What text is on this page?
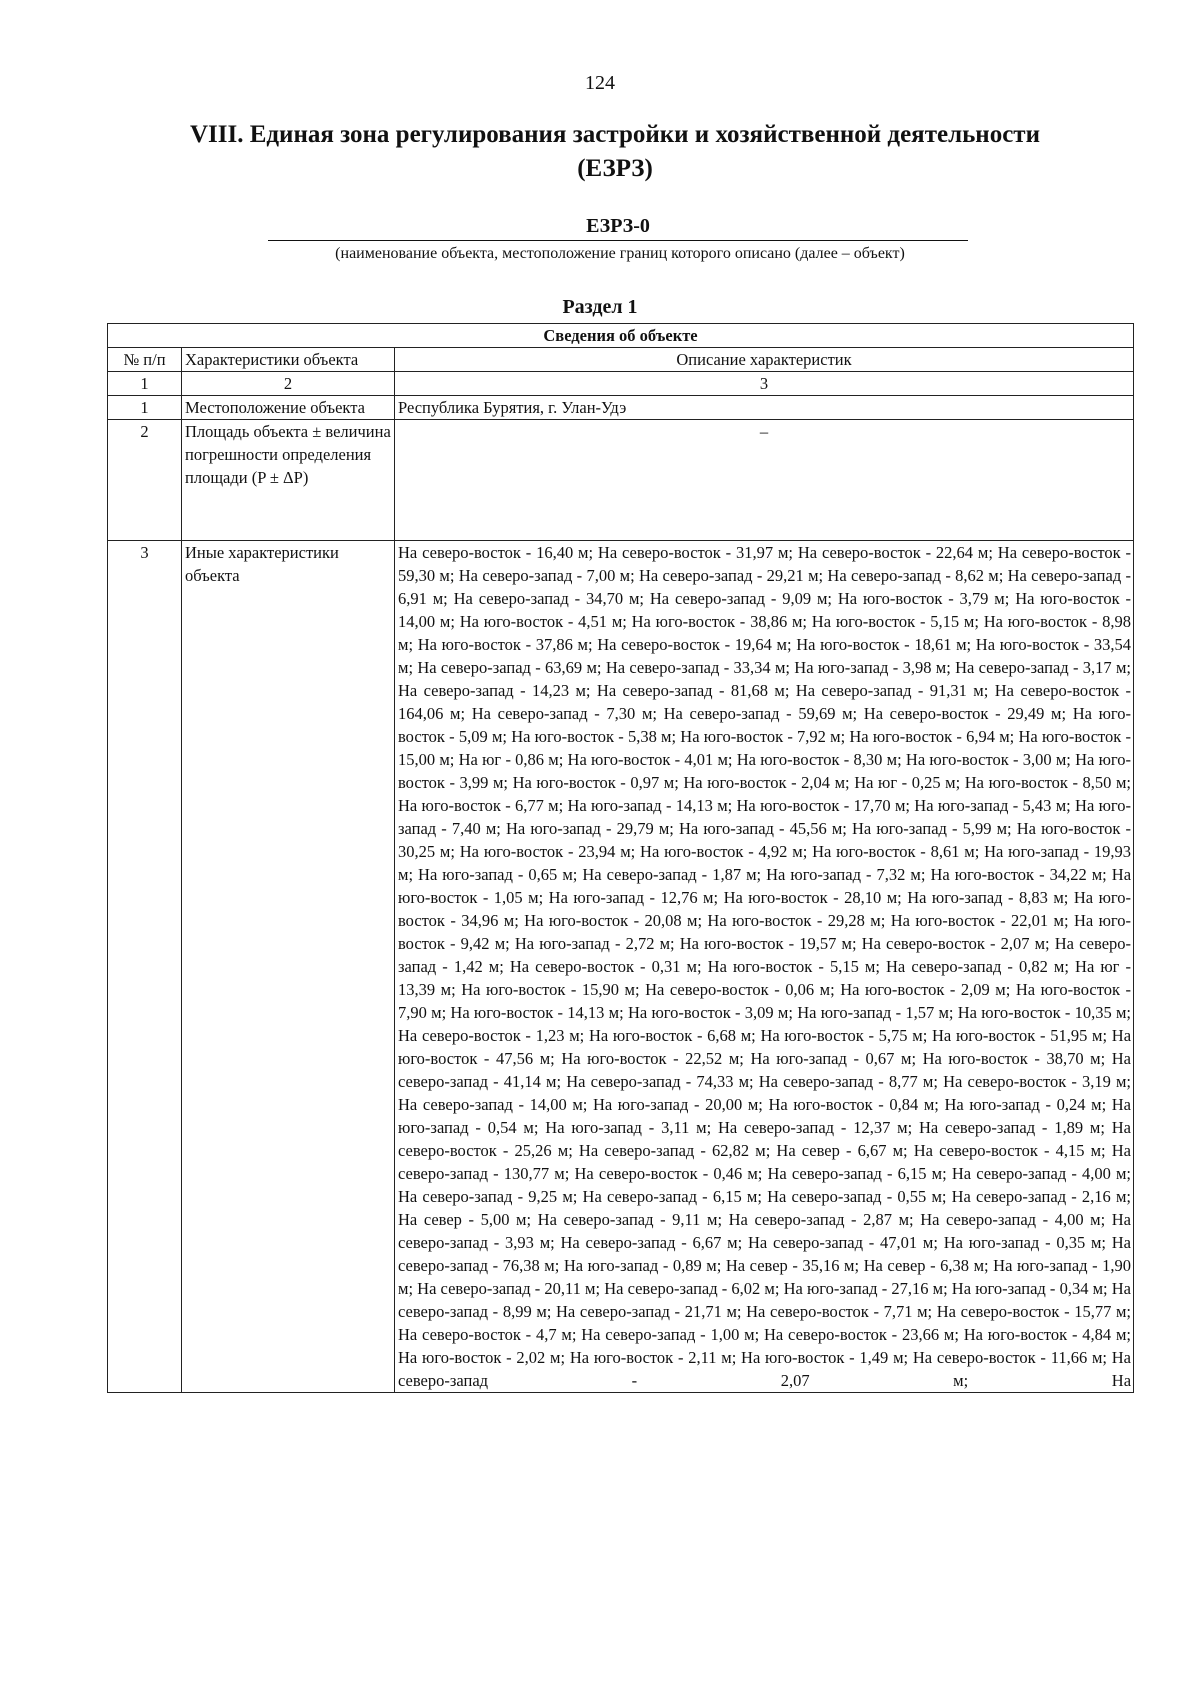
124
VIII. Единая зона регулирования застройки и хозяйственной деятельности
(ЕЗРЗ)
ЕЗРЗ-0
(наименование объекта, местоположение границ которого описано (далее – объект)
Раздел 1
Сведения об объекте		
№ п/п	Характеристики объекта	Описание характеристик
1	2	3
1	Местоположение объекта	Республика Бурятия, г. Улан-Удэ
2	Площадь объекта ± величина погрешности определения площади (P ± ΔP)	–

3	Иные характеристики объекта	На северо-восток - 16,40 м; На северо-восток - 31,97 м; На северо-восток - 22,64 м; На северо-восток - 59,30 м; На северо-запад - 7,00 м; На северо-запад - 29,21 м; На северо-запад - 8,62 м; На северо-запад - 6,91 м; На северо-запад - 34,70 м; На северо-запад - 9,09 м; На юго-восток - 3,79 м; На юго-восток - 14,00 м; На юго-восток - 4,51 м; На юго-восток - 38,86 м; На юго-восток - 5,15 м; На юго-восток - 8,98 м; На юго-восток - 37,86 м; На северо-восток - 19,64 м; На юго-восток - 18,61 м; На юго-восток - 33,54 м; На северо-запад - 63,69 м; На северо-запад - 33,34 м; На юго-запад - 3,98 м; На северо-запад - 3,17 м; На северо-запад - 14,23 м; На северо-запад - 81,68 м; На северо-запад - 91,31 м; На северо-восток - 164,06 м; На северо-запад - 7,30 м; На северо-запад - 59,69 м; На северо-восток - 29,49 м; На юго-восток - 5,09 м; На юго-восток - 5,38 м; На юго-восток - 7,92 м; На юго-восток - 6,94 м; На юго-восток - 15,00 м; На юг - 0,86 м; На юго-восток - 4,01 м; На юго-восток - 8,30 м; На юго-восток - 3,00 м; На юго-восток - 3,99 м; На юго-восток - 0,97 м; На юго-восток - 2,04 м; На юг - 0,25 м; На юго-восток - 8,50 м; На юго-восток - 6,77 м; На юго-запад - 14,13 м; На юго-восток - 17,70 м; На юго-запад - 5,43 м; На юго-запад - 7,40 м; На юго-запад - 29,79 м; На юго-запад - 45,56 м; На юго-запад - 5,99 м; На юго-восток - 30,25 м; На юго-восток - 23,94 м; На юго-восток - 4,92 м; На юго-восток - 8,61 м; На юго-запад - 19,93 м; На юго-запад - 0,65 м; На северо-запад - 1,87 м; На юго-запад - 7,32 м; На юго-восток - 34,22 м; На юго-восток - 1,05 м; На юго-запад - 12,76 м; На юго-восток - 28,10 м; На юго-запад - 8,83 м; На юго-восток - 34,96 м; На юго-восток - 20,08 м; На юго-восток - 29,28 м; На юго-восток - 22,01 м; На юго-восток - 9,42 м; На юго-запад - 2,72 м; На юго-восток - 19,57 м; На северо-восток - 2,07 м; На северо-запад - 1,42 м; На северо-восток - 0,31 м; На юго-восток - 5,15 м; На северо-запад - 0,82 м; На юг - 13,39 м; На юго-восток - 15,90 м; На северо-восток - 0,06 м; На юго-восток - 2,09 м; На юго-восток - 7,90 м; На юго-восток - 14,13 м; На юго-восток - 3,09 м; На юго-запад - 1,57 м; На юго-восток - 10,35 м; На северо-восток - 1,23 м; На юго-восток - 6,68 м; На юго-восток - 5,75 м; На юго-восток - 51,95 м; На юго-восток - 47,56 м; На юго-восток - 22,52 м; На юго-запад - 0,67 м; На юго-восток - 38,70 м; На северо-запад - 41,14 м; На северо-запад - 74,33 м; На северо-запад - 8,77 м; На северо-восток - 3,19 м; На северо-запад - 14,00 м; На юго-запад - 20,00 м; На юго-восток - 0,84 м; На юго-запад - 0,24 м; На юго-запад - 0,54 м; На юго-запад - 3,11 м; На северо-запад - 12,37 м; На северо-запад - 1,89 м; На северо-восток - 25,26 м; На северо-запад - 62,82 м; На север - 6,67 м; На северо-восток - 4,15 м; На северо-запад - 130,77 м; На северо-восток - 0,46 м; На северо-запад - 6,15 м; На северо-запад - 4,00 м; На северо-запад - 9,25 м; На северо-запад - 6,15 м; На северо-запад - 0,55 м; На северо-запад - 2,16 м; На север - 5,00 м; На северо-запад - 9,11 м; На северо-запад - 2,87 м; На северо-запад - 4,00 м; На северо-запад - 3,93 м; На северо-запад - 6,67 м; На северо-запад - 47,01 м; На юго-запад - 0,35 м; На северо-запад - 76,38 м; На юго-запад - 0,89 м; На север - 35,16 м; На север - 6,38 м; На юго-запад - 1,90 м; На северо-запад - 20,11 м; На северо-запад - 6,02 м; На юго-запад - 27,16 м; На юго-запад - 0,34 м; На северо-запад - 8,99 м; На северо-запад - 21,71 м; На северо-восток - 7,71 м; На северо-восток - 15,77 м; На северо-восток - 4,7 м; На северо-запад - 1,00 м; На северо-восток - 23,66 м; На юго-восток - 4,84 м; На юго-восток - 2,02 м; На юго-восток - 2,11 м; На юго-восток - 1,49 м; На северо-восток - 11,66 м; На северо-запад - 2,07 м; На
